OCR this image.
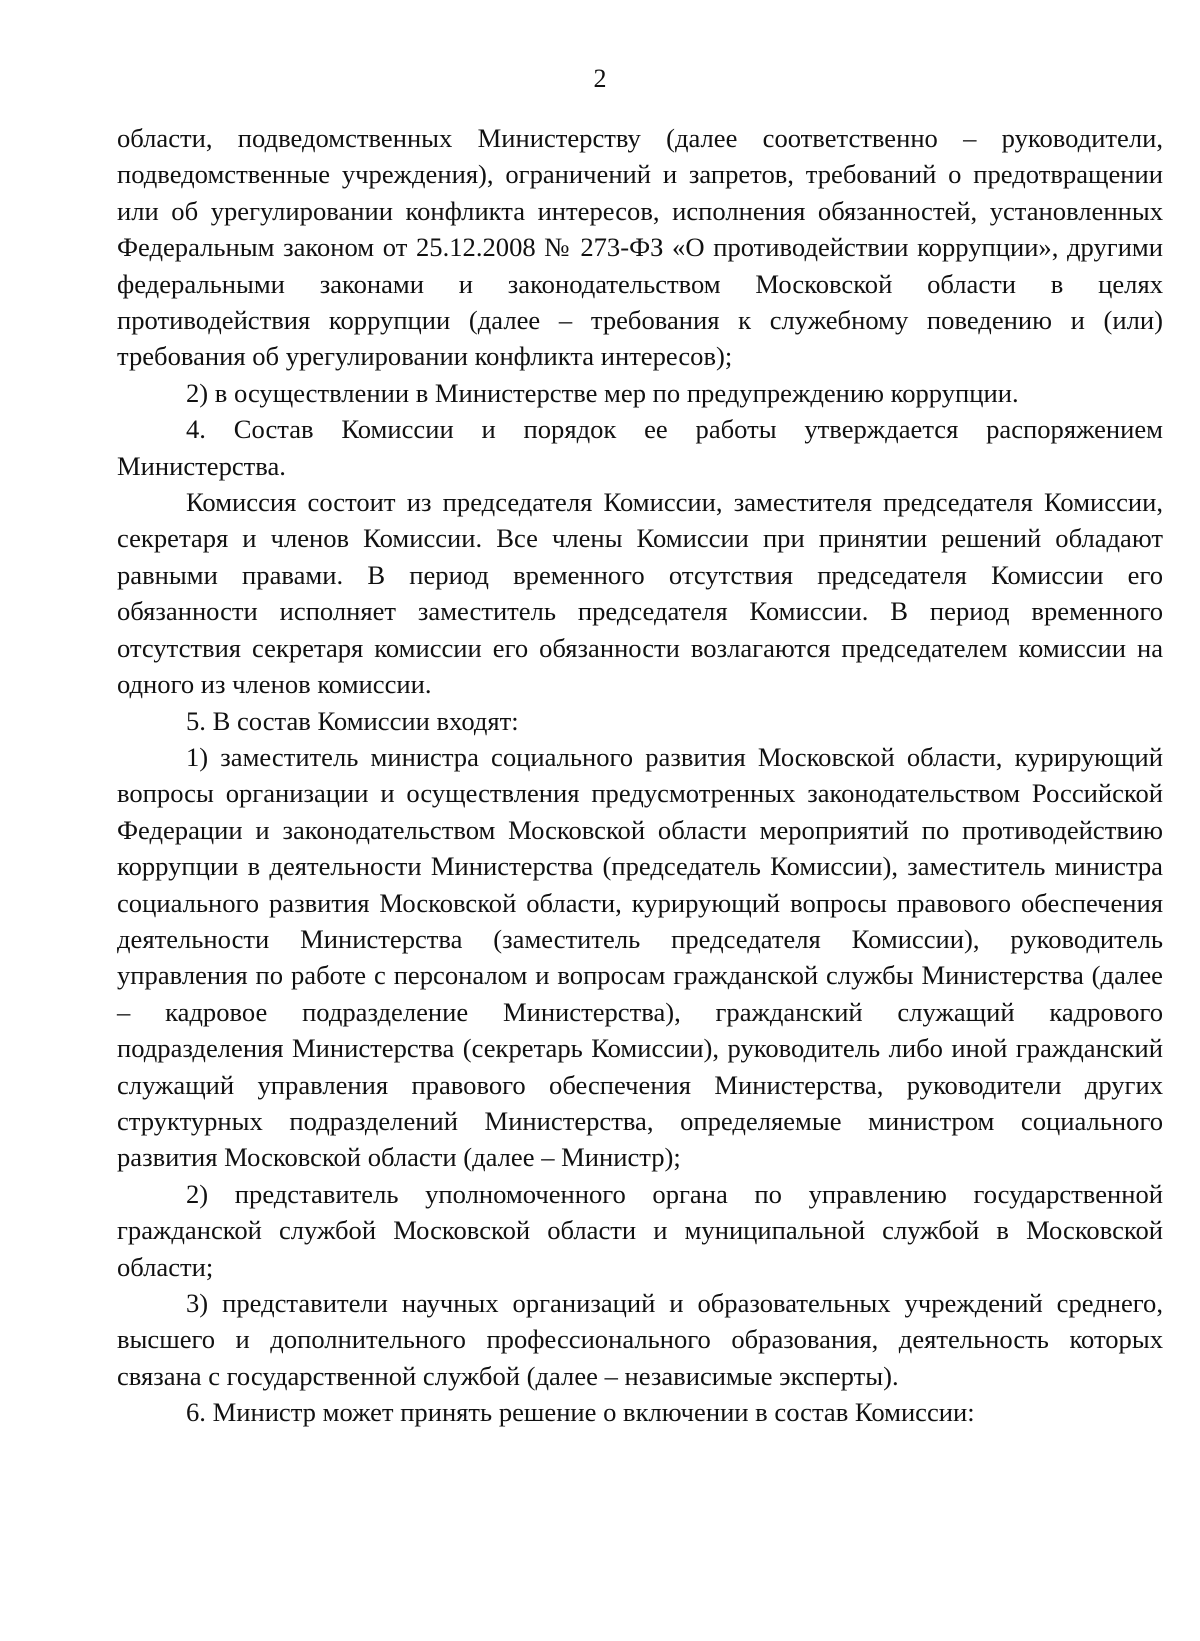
2

области, подведомственных Министерству (далее соответственно – руководители, подведомственные учреждения), ограничений и запретов, требований о предотвращении или об урегулировании конфликта интересов, исполнения обязанностей, установленных Федеральным законом от 25.12.2008 № 273-ФЗ «О противодействии коррупции», другими федеральными законами и законодательством Московской области в целях противодействия коррупции (далее – требования к служебному поведению и (или) требования об урегулировании конфликта интересов);

2) в осуществлении в Министерстве мер по предупреждению коррупции.

4. Состав Комиссии и порядок ее работы утверждается распоряжением Министерства.

Комиссия состоит из председателя Комиссии, заместителя председателя Комиссии, секретаря и членов Комиссии. Все члены Комиссии при принятии решений обладают равными правами. В период временного отсутствия председателя Комиссии его обязанности исполняет заместитель председателя Комиссии. В период временного отсутствия секретаря комиссии его обязанности возлагаются председателем комиссии на одного из членов комиссии.

5. В состав Комиссии входят:

1) заместитель министра социального развития Московской области, курирующий вопросы организации и осуществления предусмотренных законодательством Российской Федерации и законодательством Московской области мероприятий по противодействию коррупции в деятельности Министерства (председатель Комиссии), заместитель министра социального развития Московской области, курирующий вопросы правового обеспечения деятельности Министерства (заместитель председателя Комиссии), руководитель управления по работе с персоналом и вопросам гражданской службы Министерства (далее – кадровое подразделение Министерства), гражданский служащий кадрового подразделения Министерства (секретарь Комиссии), руководитель либо иной гражданский служащий управления правового обеспечения Министерства, руководители других структурных подразделений Министерства, определяемые министром социального развития Московской области (далее – Министр);

2) представитель уполномоченного органа по управлению государственной гражданской службой Московской области и муниципальной службой в Московской области;

3) представители научных организаций и образовательных учреждений среднего, высшего и дополнительного профессионального образования, деятельность которых связана с государственной службой (далее – независимые эксперты).

6. Министр может принять решение о включении в состав Комиссии:
